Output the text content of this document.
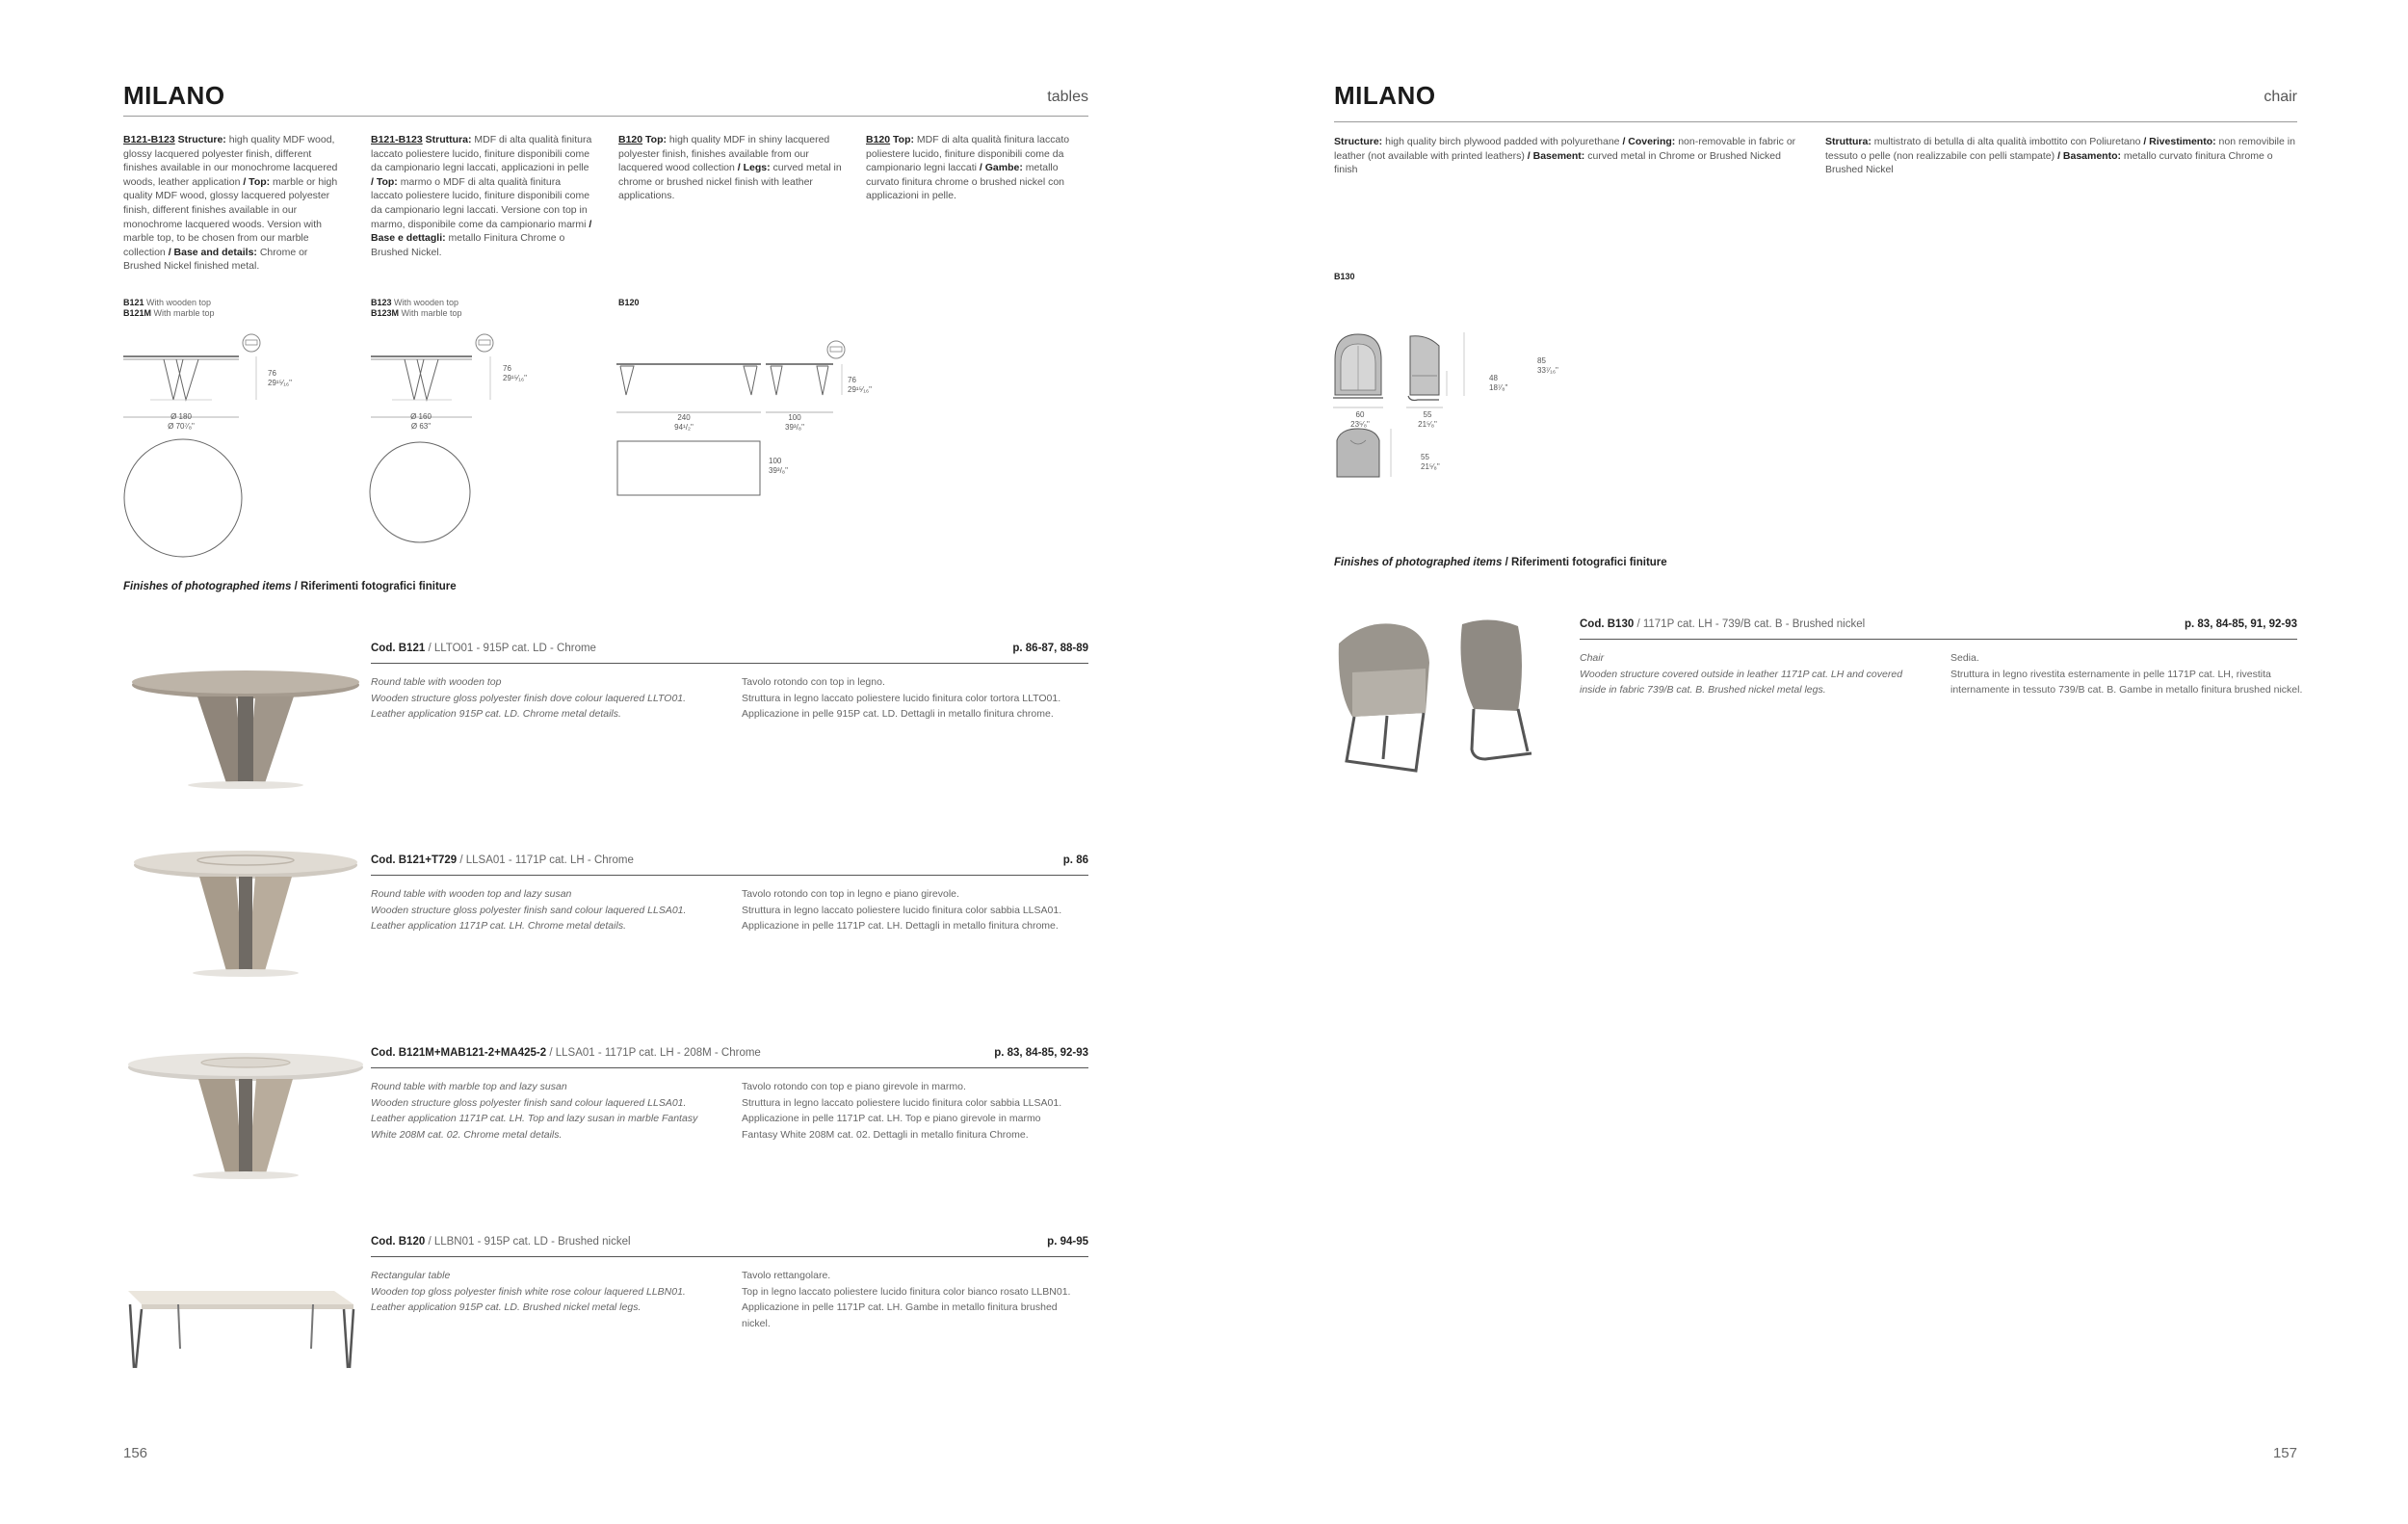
MILANO	tables
B121-B123 Structure: high quality MDF wood, glossy lacquered polyester finish, different finishes available in our monochrome lacquered woods, leather application / Top: marble or high quality MDF wood, glossy lacquered polyester finish, different finishes available in our monochrome lacquered woods. Version with marble top, to be chosen from our marble collection / Base and details: Chrome or Brushed Nickel finished metal.
B121-B123 Struttura: MDF di alta qualità finitura laccato poliestere lucido, finiture disponibili come da campionario legni laccati, applicazioni in pelle / Top: marmo o MDF di alta qualità finitura laccato poliestere lucido, finiture disponibili come da campionario legni laccati. Versione con top in marmo, disponibile come da campionario marmi / Base e dettagli: metallo Finitura Chrome o Brushed Nickel.
B120 Top: high quality MDF in shiny lacquered polyester finish, finishes available from our lacquered wood collection / Legs: curved metal in chrome or brushed nickel finish with leather applications.
B120 Top: MDF di alta qualità finitura laccato poliestere lucido, finiture disponibili come da campionario legni laccati / Gambe: metallo curvato finitura chrome o brushed nickel con applicazioni in pelle.
B121 With wooden top
B121M With marble top
76
29¹⁵⁄₁₆"
Ø 180
Ø 70⁷⁄₈"
B123 With wooden top
B123M With marble top
76
29¹⁵⁄₁₆"
Ø 160
Ø 63"
B120
240
94¹/₂"
100
39³/₈"
76
29¹⁵⁄₁₆"
100
39³/₈"
Finishes of photographed items / Riferimenti fotografici finiture
Cod. B121 / LLTO01 - 915P cat. LD - Chrome	p. 86-87, 88-89
Round table with wooden top
Wooden structure gloss polyester finish dove colour laquered LLTO01.
Leather application 915P cat. LD. Chrome metal details.
Tavolo rotondo con top in legno.
Struttura in legno laccato poliestere lucido finitura color tortora LLTO01.
Applicazione in pelle 915P cat. LD. Dettagli in metallo finitura chrome.
Cod. B121+T729 / LLSA01 - 1171P cat. LH - Chrome	p. 86
Round table with wooden top and lazy susan
Wooden structure gloss polyester finish sand colour laquered LLSA01.
Leather application 1171P cat. LH. Chrome metal details.
Tavolo rotondo con top in legno e piano girevole.
Struttura in legno laccato poliestere lucido finitura color sabbia LLSA01.
Applicazione in pelle 1171P cat. LH. Dettagli in metallo finitura chrome.
Cod. B121M+MAB121-2+MA425-2 / LLSA01 - 1171P cat. LH - 208M - Chrome	p. 83, 84-85, 92-93
Round table with marble top and lazy susan
Wooden structure gloss polyester finish sand colour laquered LLSA01.
Leather application 1171P cat. LH. Top and lazy susan in marble Fantasy
White 208M cat. 02. Chrome metal details.
Tavolo rotondo con top e piano girevole in marmo.
Struttura in legno laccato poliestere lucido finitura color sabbia LLSA01.
Applicazione in pelle 1171P cat. LH. Top e piano girevole in marmo
Fantasy White 208M cat. 02. Dettagli in metallo finitura Chrome.
Cod. B120 / LLBN01 - 915P cat. LD - Brushed nickel	p. 94-95
Rectangular table
Wooden top gloss polyester finish white rose colour laquered LLBN01.
Leather application 915P cat. LD. Brushed nickel metal legs.
Tavolo rettangolare.
Top in legno laccato poliestere lucido finitura color bianco rosato LLBN01.
Applicazione in pelle 1171P cat. LH. Gambe in metallo finitura brushed
nickel.
156
MILANO	chair
Structure: high quality birch plywood padded with polyurethane / Covering: non-removable in fabric or leather (not available with printed leathers) / Basement: curved metal in Chrome or Brushed Nicked finish
Struttura: multistrato di betulla di alta qualità imbottito con Poliuretano / Rivestimento: non removibile in tessuto o pelle (non realizzabile con pelli stampate) / Basamento: metallo curvato finitura Chrome o Brushed Nickel
B130
60
23⁵⁄₈"
55
21⁵⁄₈"
48
18⁷⁄₈"
85
33⁷⁄₁₆"
55
21⁵⁄₈"
Finishes of photographed items / Riferimenti fotografici finiture
Cod. B130 / 1171P cat. LH - 739/B cat. B - Brushed nickel	p. 83, 84-85, 91, 92-93
Chair
Wooden structure covered outside in leather 1171P cat. LH and covered
inside in fabric 739/B cat. B. Brushed nickel metal legs.
Sedia.
Struttura in legno rivestita esternamente in pelle 1171P cat. LH, rivestita
internamente in tessuto 739/B cat. B. Gambe in metallo finitura brushed nickel.
157
